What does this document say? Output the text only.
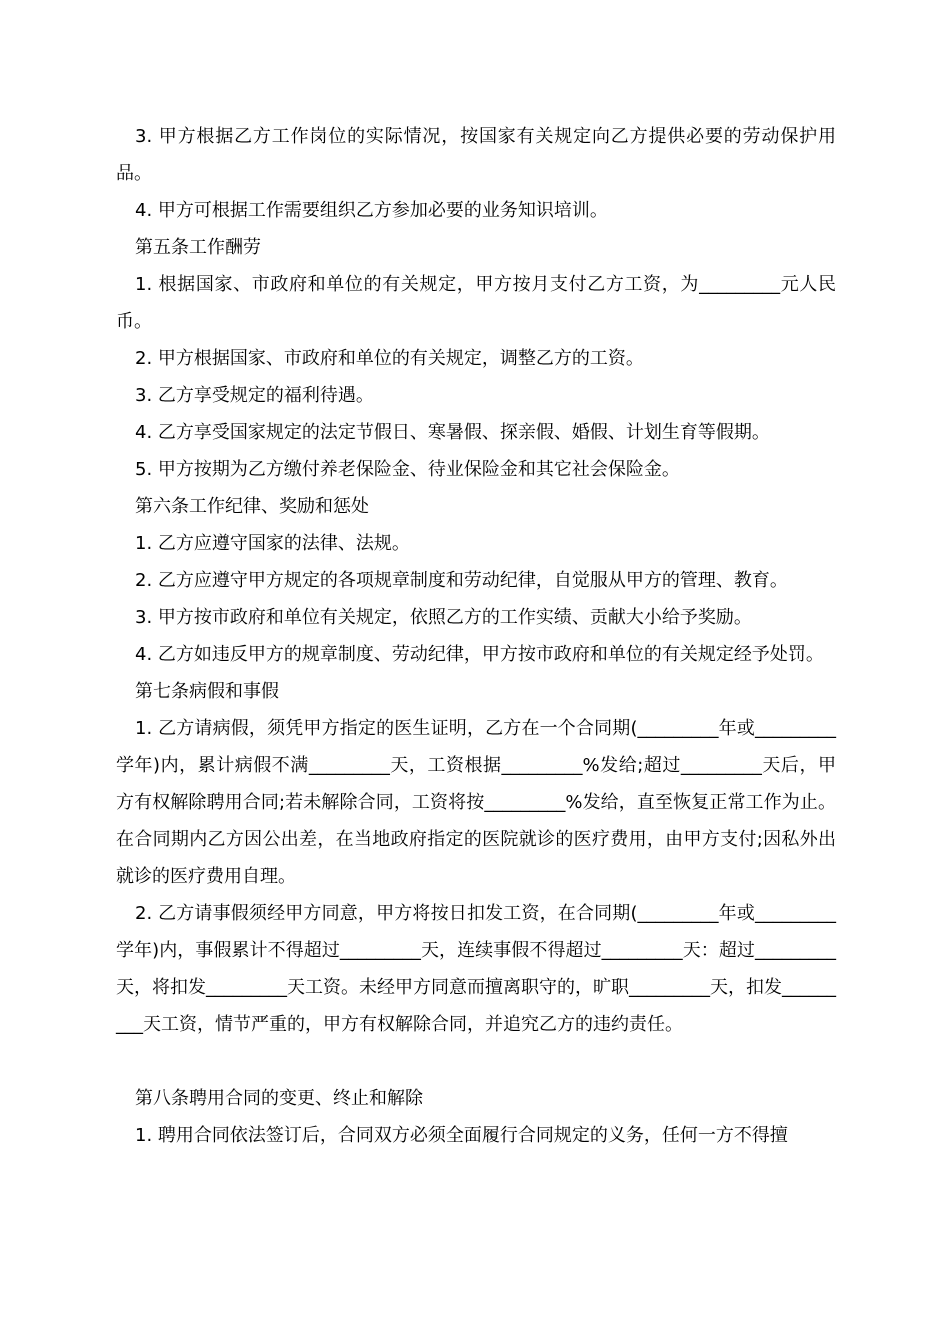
3. 甲方根据乙方工作岗位的实际情况，按国家有关规定向乙方提供必要的劳动保护用品。

4. 甲方可根据工作需要组织乙方参加必要的业务知识培训。

第五条工作酬劳

1. 根据国家、市政府和单位的有关规定，甲方按月支付乙方工资，为_________元人民币。

2. 甲方根据国家、市政府和单位的有关规定，调整乙方的工资。

3. 乙方享受规定的福利待遇。

4. 乙方享受国家规定的法定节假日、寒暑假、探亲假、婚假、计划生育等假期。

5. 甲方按期为乙方缴付养老保险金、待业保险金和其它社会保险金。

第六条工作纪律、奖励和惩处

1. 乙方应遵守国家的法律、法规。

2. 乙方应遵守甲方规定的各项规章制度和劳动纪律，自觉服从甲方的管理、教育。

3. 甲方按市政府和单位有关规定，依照乙方的工作实绩、贡献大小给予奖励。

4. 乙方如违反甲方的规章制度、劳动纪律，甲方按市政府和单位的有关规定经予处罚。

第七条病假和事假

1. 乙方请病假，须凭甲方指定的医生证明，乙方在一个合同期(_________年或_________学年)内，累计病假不满_________天，工资根据_________%发给;超过_________天后，甲方有权解除聘用合同;若未解除合同，工资将按_________%发给，直至恢复正常工作为止。在合同期内乙方因公出差，在当地政府指定的医院就诊的医疗费用，由甲方支付;因私外出就诊的医疗费用自理。

2. 乙方请事假须经甲方同意，甲方将按日扣发工资，在合同期(_________年或_________学年)内，事假累计不得超过_________天，连续事假不得超过_________天：超过_________天，将扣发_________天工资。未经甲方同意而擅离职守的，旷职_________天，扣发_________天工资，情节严重的，甲方有权解除合同，并追究乙方的违约责任。

第八条聘用合同的变更、终止和解除

1. 聘用合同依法签订后，合同双方必须全面履行合同规定的义务，任何一方不得擅
